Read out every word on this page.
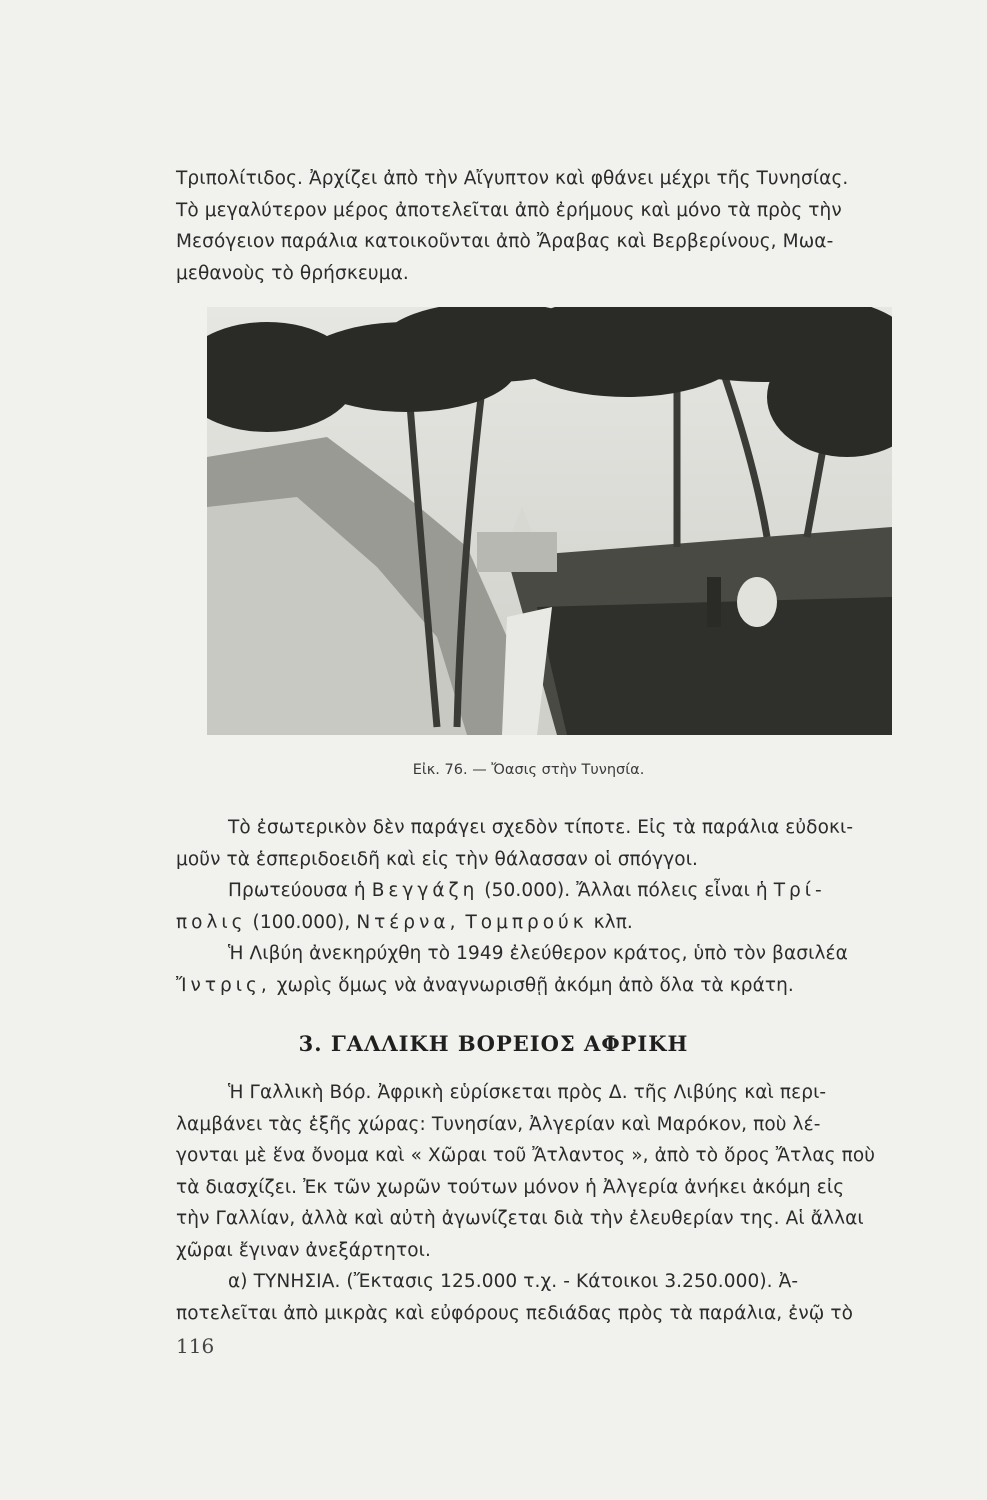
Τριπολίτιδος. Ἀρχίζει ἀπὸ τὴν Αἴγυπτον καὶ φθάνει μέχρι τῆς Τυνησίας.

Τὸ μεγαλύτερον μέρος ἀποτελεῖται ἀπὸ ἐρήμους καὶ μόνο τὰ πρὸς τὴν

Μεσόγειον παράλια κατοικοῦνται ἀπὸ Ἄραβας καὶ Βερβερίνους, Μωα-

μεθανοὺς τὸ θρήσκευμα.

Εἰκ. 76. — Ὄασις στὴν Τυνησία.

Τὸ ἐσωτερικὸν δὲν παράγει σχεδὸν τίποτε. Εἰς τὰ παράλια εὐδοκι-

μοῦν τὰ ἑσπεριδοειδῆ καὶ εἰς τὴν θάλασσαν οἱ σπόγγοι.

Πρωτεύουσα ἡ Βεγγάζη (50.000). Ἄλλαι πόλεις εἶναι ἡ Τρί-

πολις (100.000), Ντέρνα, Τομπρούκ κλπ.

Ἡ Λιβύη ἀνεκηρύχθη τὸ 1949 ἐλεύθερον κράτος, ὑπὸ τὸν βασιλέα

Ἴντρις, χωρὶς ὅμως νὰ ἀναγνωρισθῇ ἀκόμη ἀπὸ ὅλα τὰ κράτη.

3. ΓΑΛΛΙΚΗ ΒΟΡΕΙΟΣ ΑΦΡΙΚΗ

Ἡ Γαλλικὴ Βόρ. Ἀφρικὴ εὑρίσκεται πρὸς Δ. τῆς Λιβύης καὶ περι-

λαμβάνει τὰς ἑξῆς χώρας: Τυνησίαν, Ἀλγερίαν καὶ Μαρόκον, ποὺ λέ-

γονται μὲ ἕνα ὄνομα καὶ « Χῶραι τοῦ Ἄτλαντος », ἀπὸ τὸ ὄρος Ἄτλας ποὺ

τὰ διασχίζει. Ἐκ τῶν χωρῶν τούτων μόνον ἡ Ἀλγερία ἀνήκει ἀκόμη εἰς

τὴν Γαλλίαν, ἀλλὰ καὶ αὐτὴ ἀγωνίζεται διὰ τὴν ἐλευθερίαν της. Αἱ ἄλλαι

χῶραι ἔγιναν ἀνεξάρτητοι.

α) ΤΥΝΗΣΙΑ. (Ἔκτασις 125.000 τ.χ. - Κάτοικοι 3.250.000). Ἀ-

ποτελεῖται ἀπὸ μικρὰς καὶ εὐφόρους πεδιάδας πρὸς τὰ παράλια, ἐνῷ τὸ

116
